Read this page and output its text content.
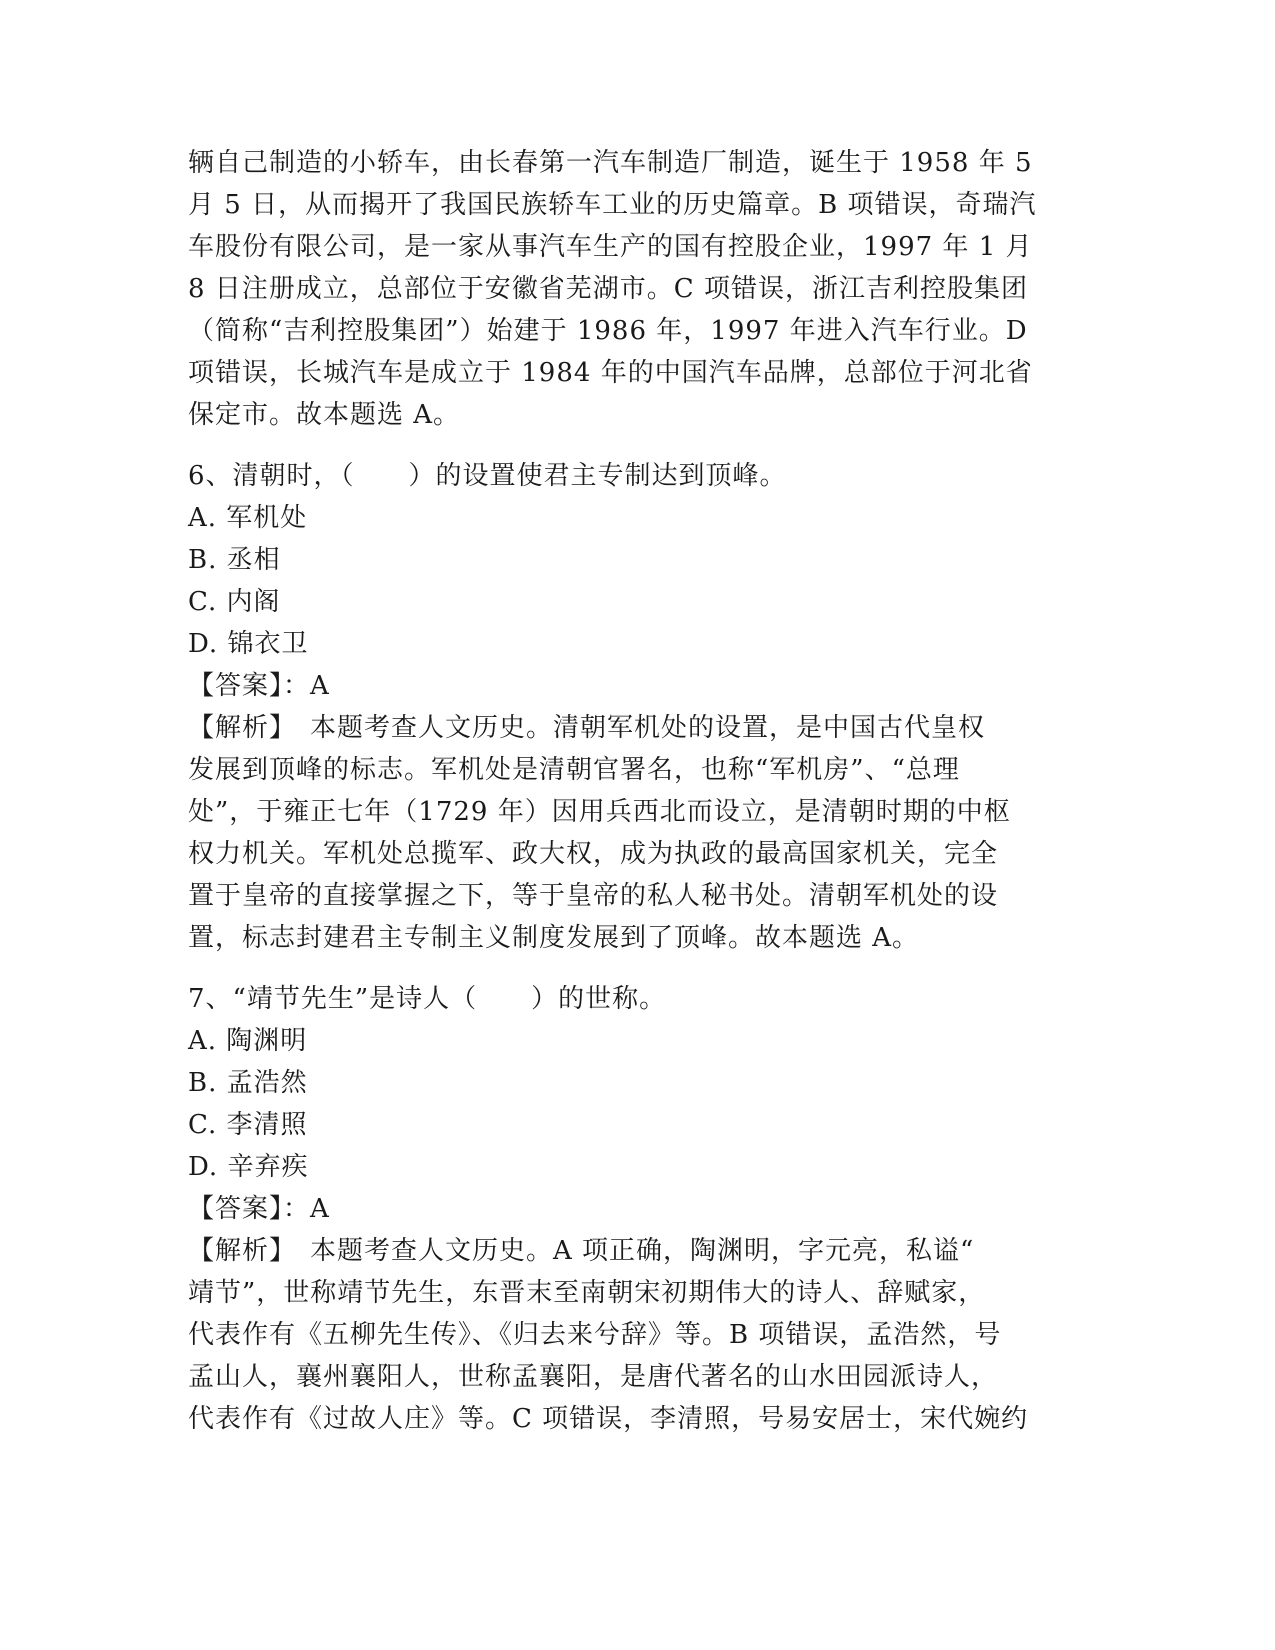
辆自己制造的小轿车，由长春第一汽车制造厂制造，诞生于 1958 年 5
月 5 日，从而揭开了我国民族轿车工业的历史篇章。B 项错误，奇瑞汽
车股份有限公司，是一家从事汽车生产的国有控股企业，1997 年 1 月
8 日注册成立，总部位于安徽省芜湖市。C 项错误，浙江吉利控股集团
（简称“吉利控股集团”）始建于 1986 年，1997 年进入汽车行业。D
项错误，长城汽车是成立于 1984 年的中国汽车品牌，总部位于河北省
保定市。故本题选 A。
6、清朝时，（　　）的设置使君主专制达到顶峰。
A. 军机处
B. 丞相
C. 内阁
D. 锦衣卫
【答案】：A
【解析】　本题考查人文历史。清朝军机处的设置，是中国古代皇权
发展到顶峰的标志。军机处是清朝官署名，也称“军机房”、“总理
处”，于雍正七年（1729 年）因用兵西北而设立，是清朝时期的中枢
权力机关。军机处总揽军、政大权，成为执政的最高国家机关，完全
置于皇帝的直接掌握之下，等于皇帝的私人秘书处。清朝军机处的设
置，标志封建君主专制主义制度发展到了顶峰。故本题选 A。
7、“靖节先生”是诗人（　　）的世称。
A. 陶渊明
B. 孟浩然
C. 李清照
D. 辛弃疾
【答案】：A
【解析】　本题考查人文历史。A 项正确，陶渊明，字元亮，私谥“
靖节”，世称靖节先生，东晋末至南朝宋初期伟大的诗人、辞赋家，
代表作有《五柳先生传》、《归去来兮辞》等。B 项错误，孟浩然，号
孟山人，襄州襄阳人，世称孟襄阳，是唐代著名的山水田园派诗人，
代表作有《过故人庄》等。C 项错误，李清照，号易安居士，宋代婉约
